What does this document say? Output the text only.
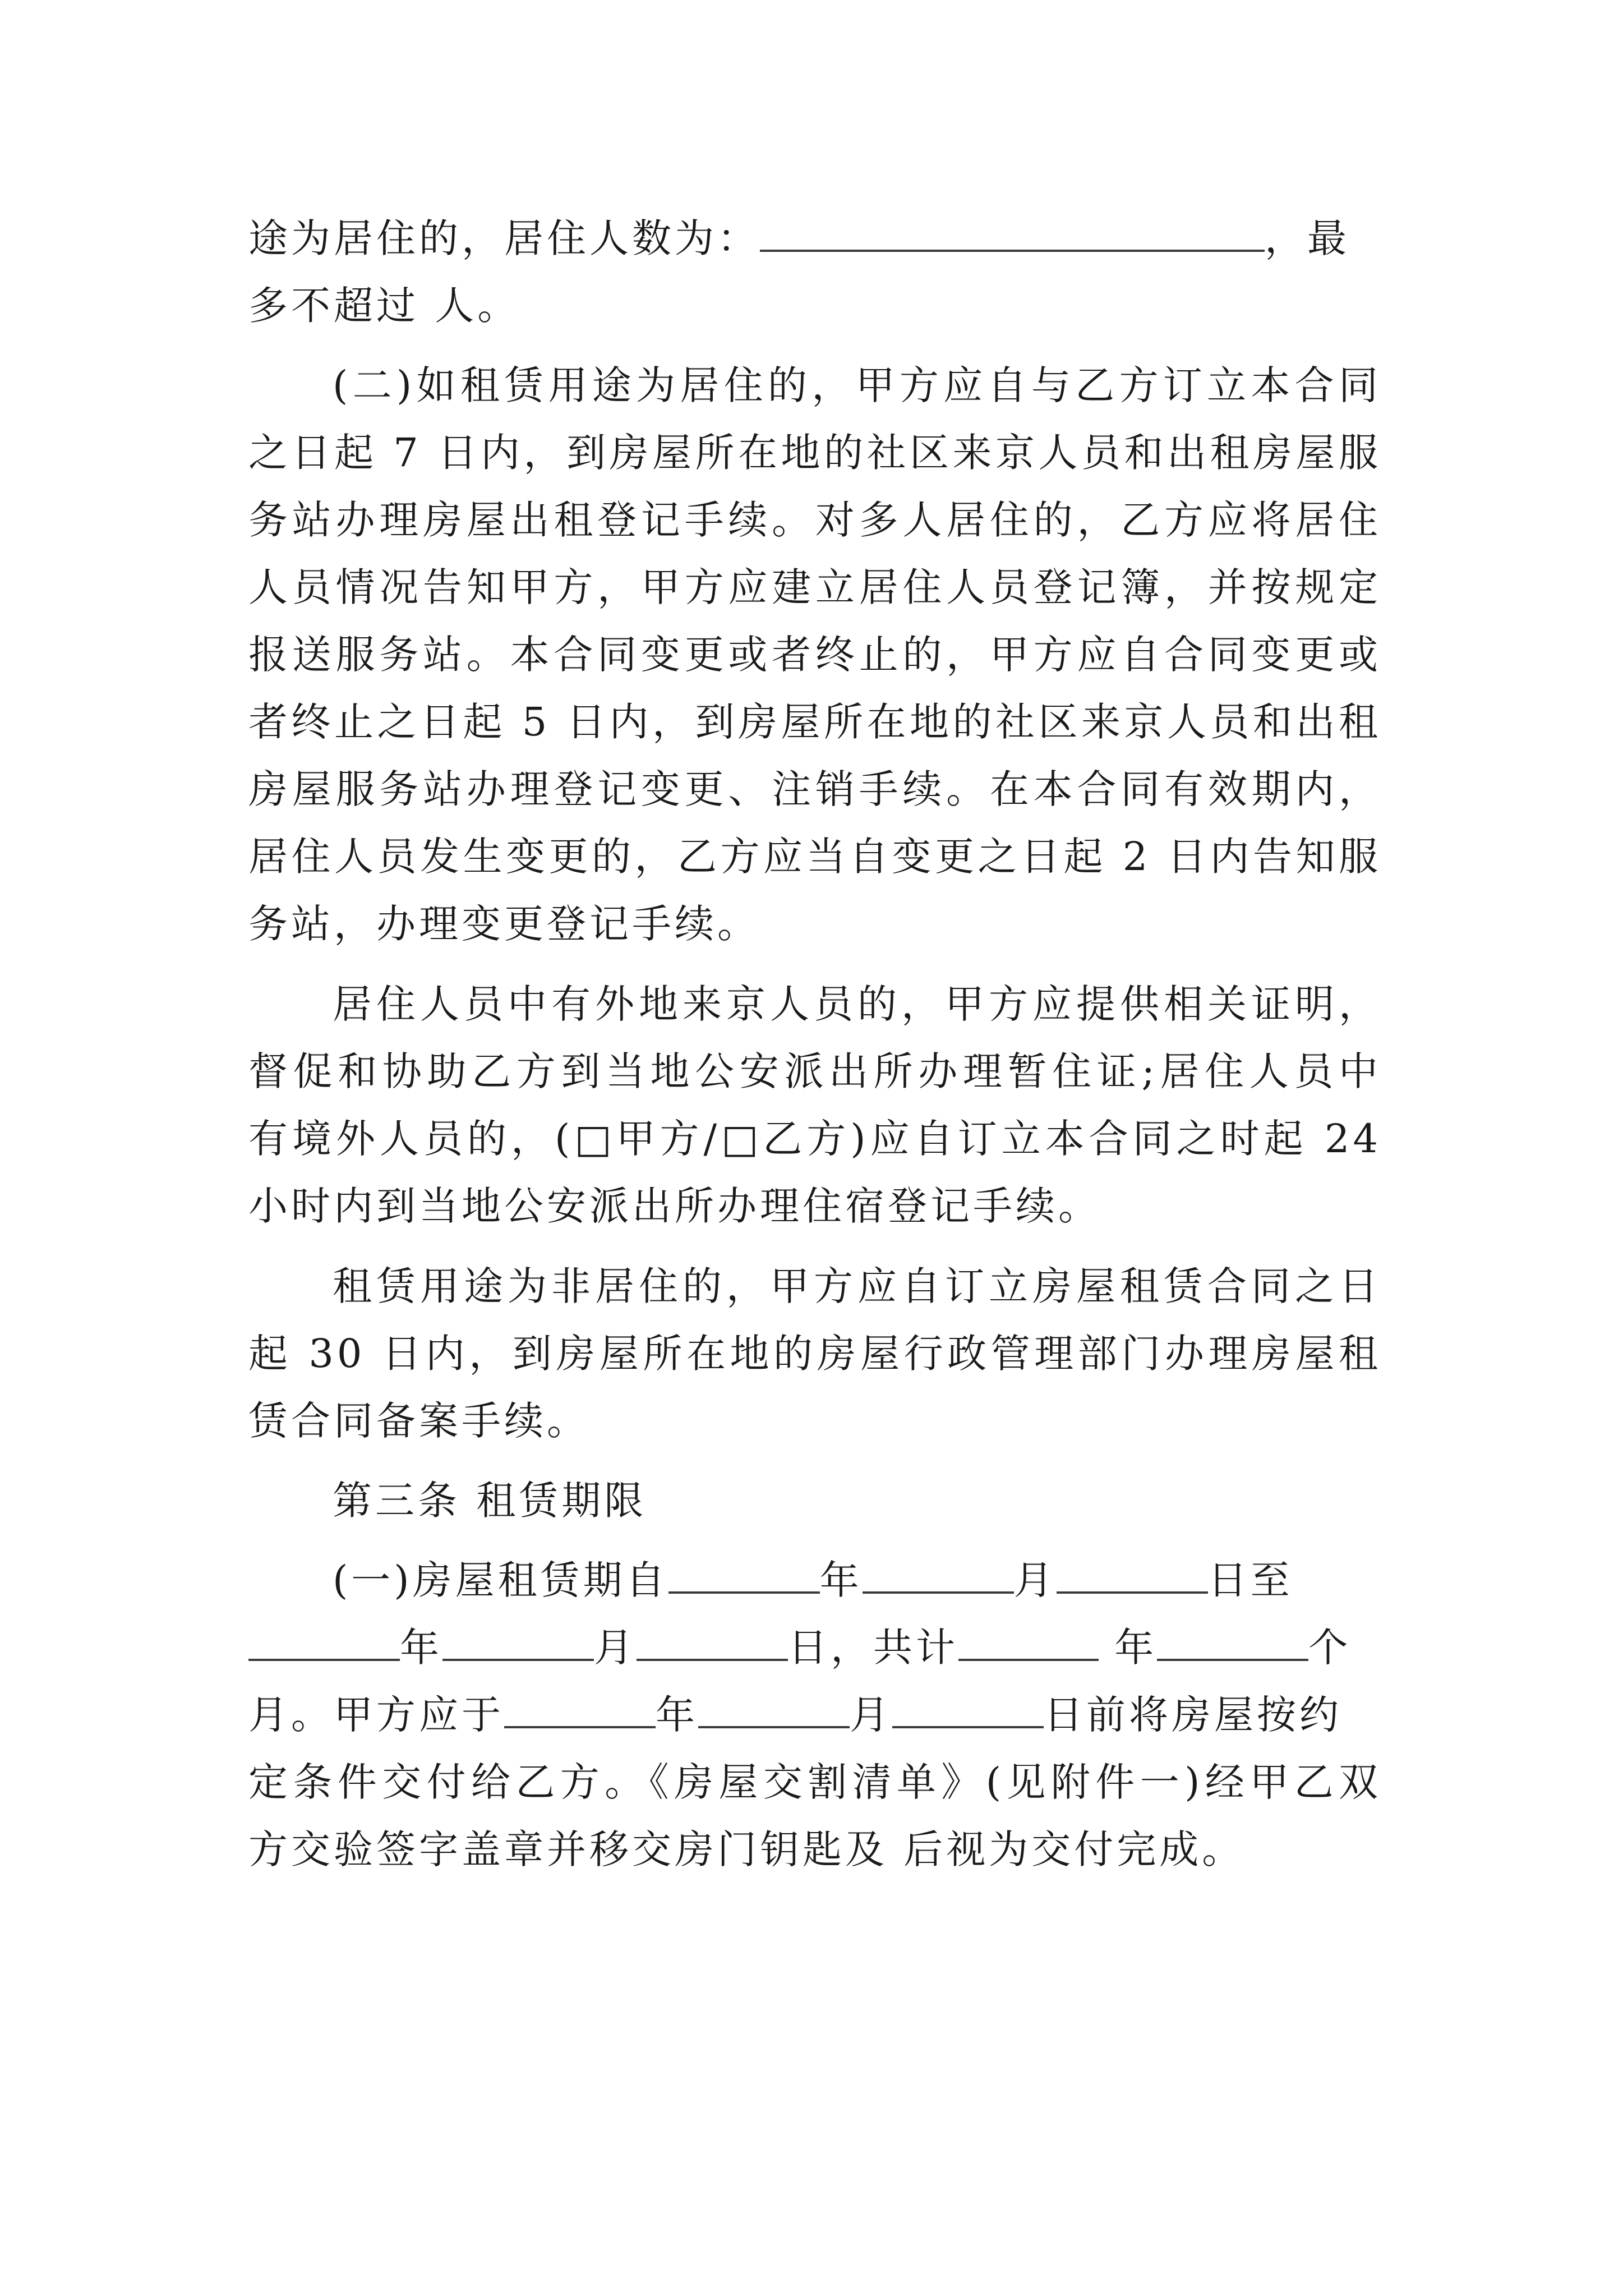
途为居住的，居住人数为：	，最
多不超过 人。
(二)如租赁用途为居住的，甲方应自与乙方订立本合同
之日起 7 日内，到房屋所在地的社区来京人员和出租房屋服
务站办理房屋出租登记手续。对多人居住的，乙方应将居住
人员情况告知甲方，甲方应建立居住人员登记簿，并按规定
报送服务站。本合同变更或者终止的，甲方应自合同变更或
者终止之日起 5 日内，到房屋所在地的社区来京人员和出租
房屋服务站办理登记变更、注销手续。在本合同有效期内，
居住人员发生变更的，乙方应当自变更之日起 2 日内告知服
务站，办理变更登记手续。
居住人员中有外地来京人员的，甲方应提供相关证明，
督促和协助乙方到当地公安派出所办理暂住证;居住人员中
有境外人员的，(□甲方/□乙方)应自订立本合同之时起 24
小时内到当地公安派出所办理住宿登记手续。
租赁用途为非居住的，甲方应自订立房屋租赁合同之日
起 30 日内，到房屋所在地的房屋行政管理部门办理房屋租
赁合同备案手续。
第三条 租赁期限
(一)房屋租赁期自	年	月	日至
年	月	日，共计	年	个
月。甲方应于	年	月	日前将房屋按约
定条件交付给乙方。《房屋交割清单》(见附件一)经甲乙双
方交验签字盖章并移交房门钥匙及 后视为交付完成。
